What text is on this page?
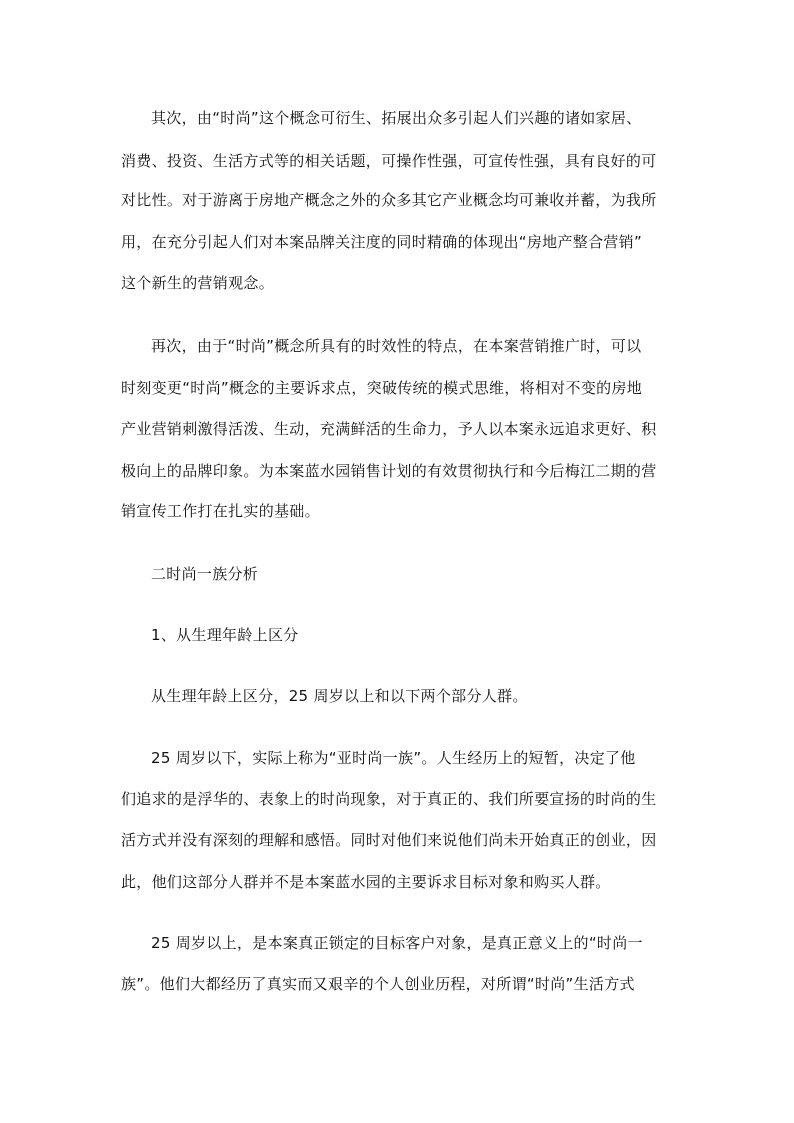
其次，由“时尚”这个概念可衍生、拓展出众多引起人们兴趣的诸如家居、
消费、投资、生活方式等的相关话题，可操作性强，可宣传性强，具有良好的可
对比性。对于游离于房地产概念之外的众多其它产业概念均可兼收并蓄，为我所
用，在充分引起人们对本案品牌关注度的同时精确的体现出“房地产整合营销”
这个新生的营销观念。
再次，由于“时尚”概念所具有的时效性的特点，在本案营销推广时，可以
时刻变更“时尚”概念的主要诉求点，突破传统的模式思维，将相对不变的房地
产业营销刺激得活泼、生动，充满鲜活的生命力，予人以本案永远追求更好、积
极向上的品牌印象。为本案蓝水园销售计划的有效贯彻执行和今后梅江二期的营
销宣传工作打在扎实的基础。
二时尚一族分析
1、从生理年龄上区分
从生理年龄上区分，25 周岁以上和以下两个部分人群。
25 周岁以下，实际上称为“亚时尚一族”。人生经历上的短暂，决定了他
们追求的是浮华的、表象上的时尚现象，对于真正的、我们所要宣扬的时尚的生
活方式并没有深刻的理解和感悟。同时对他们来说他们尚未开始真正的创业，因
此，他们这部分人群并不是本案蓝水园的主要诉求目标对象和购买人群。
25 周岁以上，是本案真正锁定的目标客户对象，是真正意义上的“时尚一
族”。他们大都经历了真实而又艰辛的个人创业历程，对所谓“时尚”生活方式
